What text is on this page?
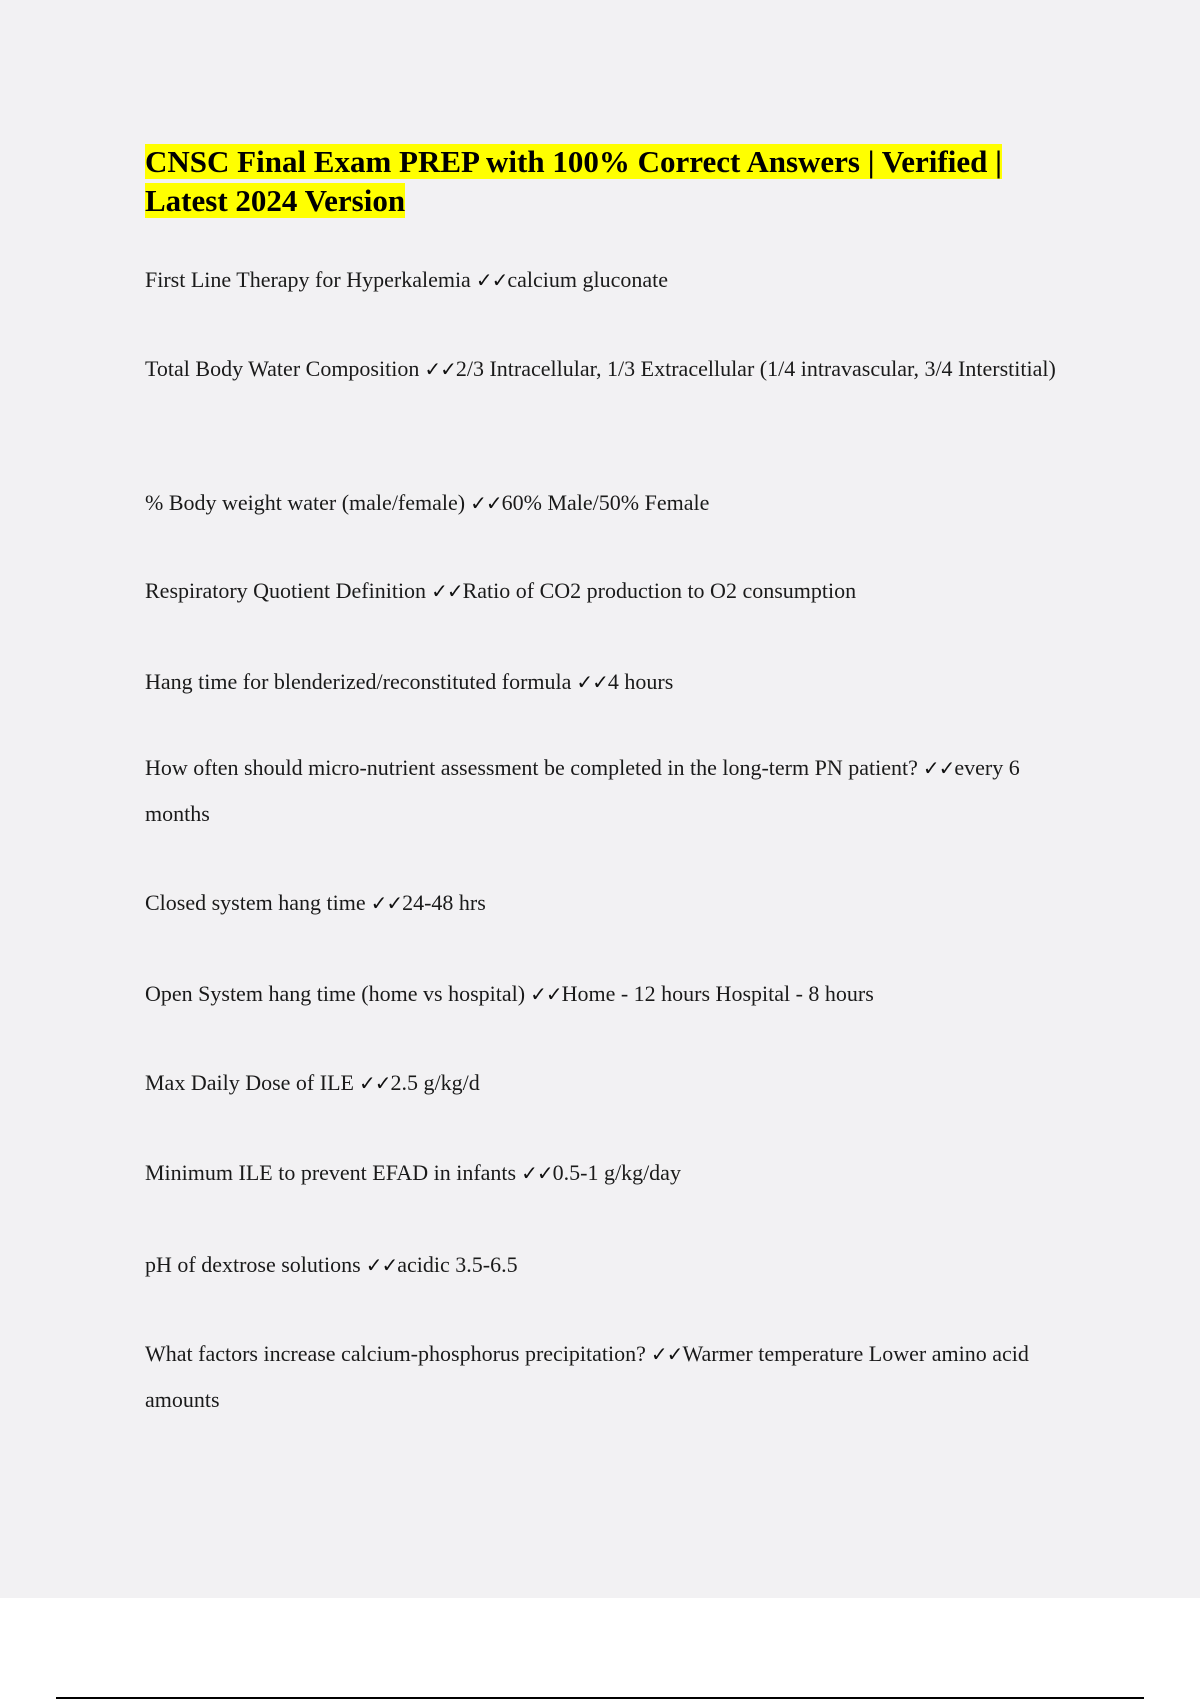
CNSC Final Exam PREP with 100% Correct Answers | Verified | Latest 2024 Version

First Line Therapy for Hyperkalemia ✓✓calcium gluconate

Total Body Water Composition ✓✓2/3 Intracellular, 1/3 Extracellular (1/4 intravascular, 3/4 Interstitial)

% Body weight water (male/female) ✓✓60% Male/50% Female

Respiratory Quotient Definition ✓✓Ratio of CO2 production to O2 consumption

Hang time for blenderized/reconstituted formula ✓✓4 hours

How often should micro-nutrient assessment be completed in the long-term PN patient? ✓✓every 6 months

Closed system hang time ✓✓24-48 hrs

Open System hang time (home vs hospital) ✓✓Home - 12 hours Hospital - 8 hours

Max Daily Dose of ILE ✓✓2.5 g/kg/d

Minimum ILE to prevent EFAD in infants ✓✓0.5-1 g/kg/day

pH of dextrose solutions ✓✓acidic 3.5-6.5

What factors increase calcium-phosphorus precipitation? ✓✓Warmer temperature Lower amino acid amounts
